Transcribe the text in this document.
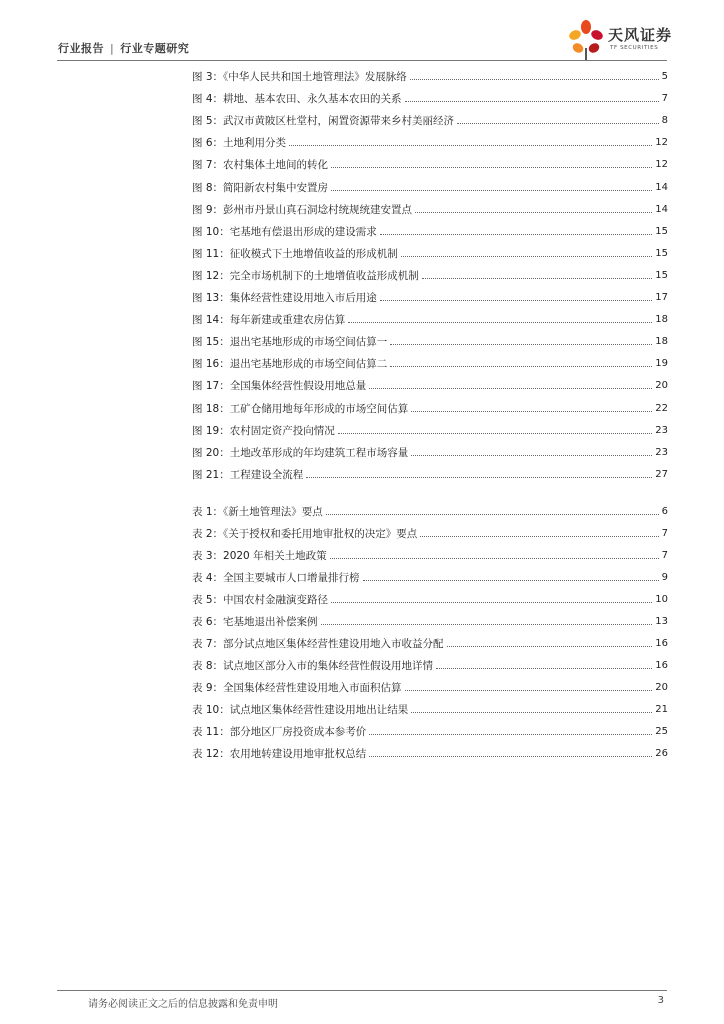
行业报告 | 行业专题研究
天风证券
TF SECURITIES
图 3：《中华人民共和国土地管理法》发展脉络	5
图 4：耕地、基本农田、永久基本农田的关系	7
图 5：武汉市黄陂区杜堂村，闲置资源带来乡村美丽经济	8
图 6：土地利用分类	12
图 7：农村集体土地间的转化	12
图 8：简阳新农村集中安置房	14
图 9：彭州市丹景山真石洞埝村统规统建安置点	14
图 10：宅基地有偿退出形成的建设需求	15
图 11：征收模式下土地增值收益的形成机制	15
图 12：完全市场机制下的土地增值收益形成机制	15
图 13：集体经营性建设用地入市后用途	17
图 14：每年新建或重建农房估算	18
图 15：退出宅基地形成的市场空间估算一	18
图 16：退出宅基地形成的市场空间估算二	19
图 17：全国集体经营性假设用地总量	20
图 18：工矿仓储用地每年形成的市场空间估算	22
图 19：农村固定资产投向情况	23
图 20：土地改革形成的年均建筑工程市场容量	23
图 21：工程建设全流程	27
表 1：《新土地管理法》要点	6
表 2：《关于授权和委托用地审批权的决定》要点	7
表 3：2020 年相关土地政策	7
表 4：全国主要城市人口增量排行榜	9
表 5：中国农村金融演变路径	10
表 6：宅基地退出补偿案例	13
表 7：部分试点地区集体经营性建设用地入市收益分配	16
表 8：试点地区部分入市的集体经营性假设用地详情	16
表 9：全国集体经营性建设用地入市面积估算	20
表 10：试点地区集体经营性建设用地出让结果	21
表 11：部分地区厂房投资成本参考价	25
表 12：农用地转建设用地审批权总结	26
请务必阅读正文之后的信息披露和免责申明	3
